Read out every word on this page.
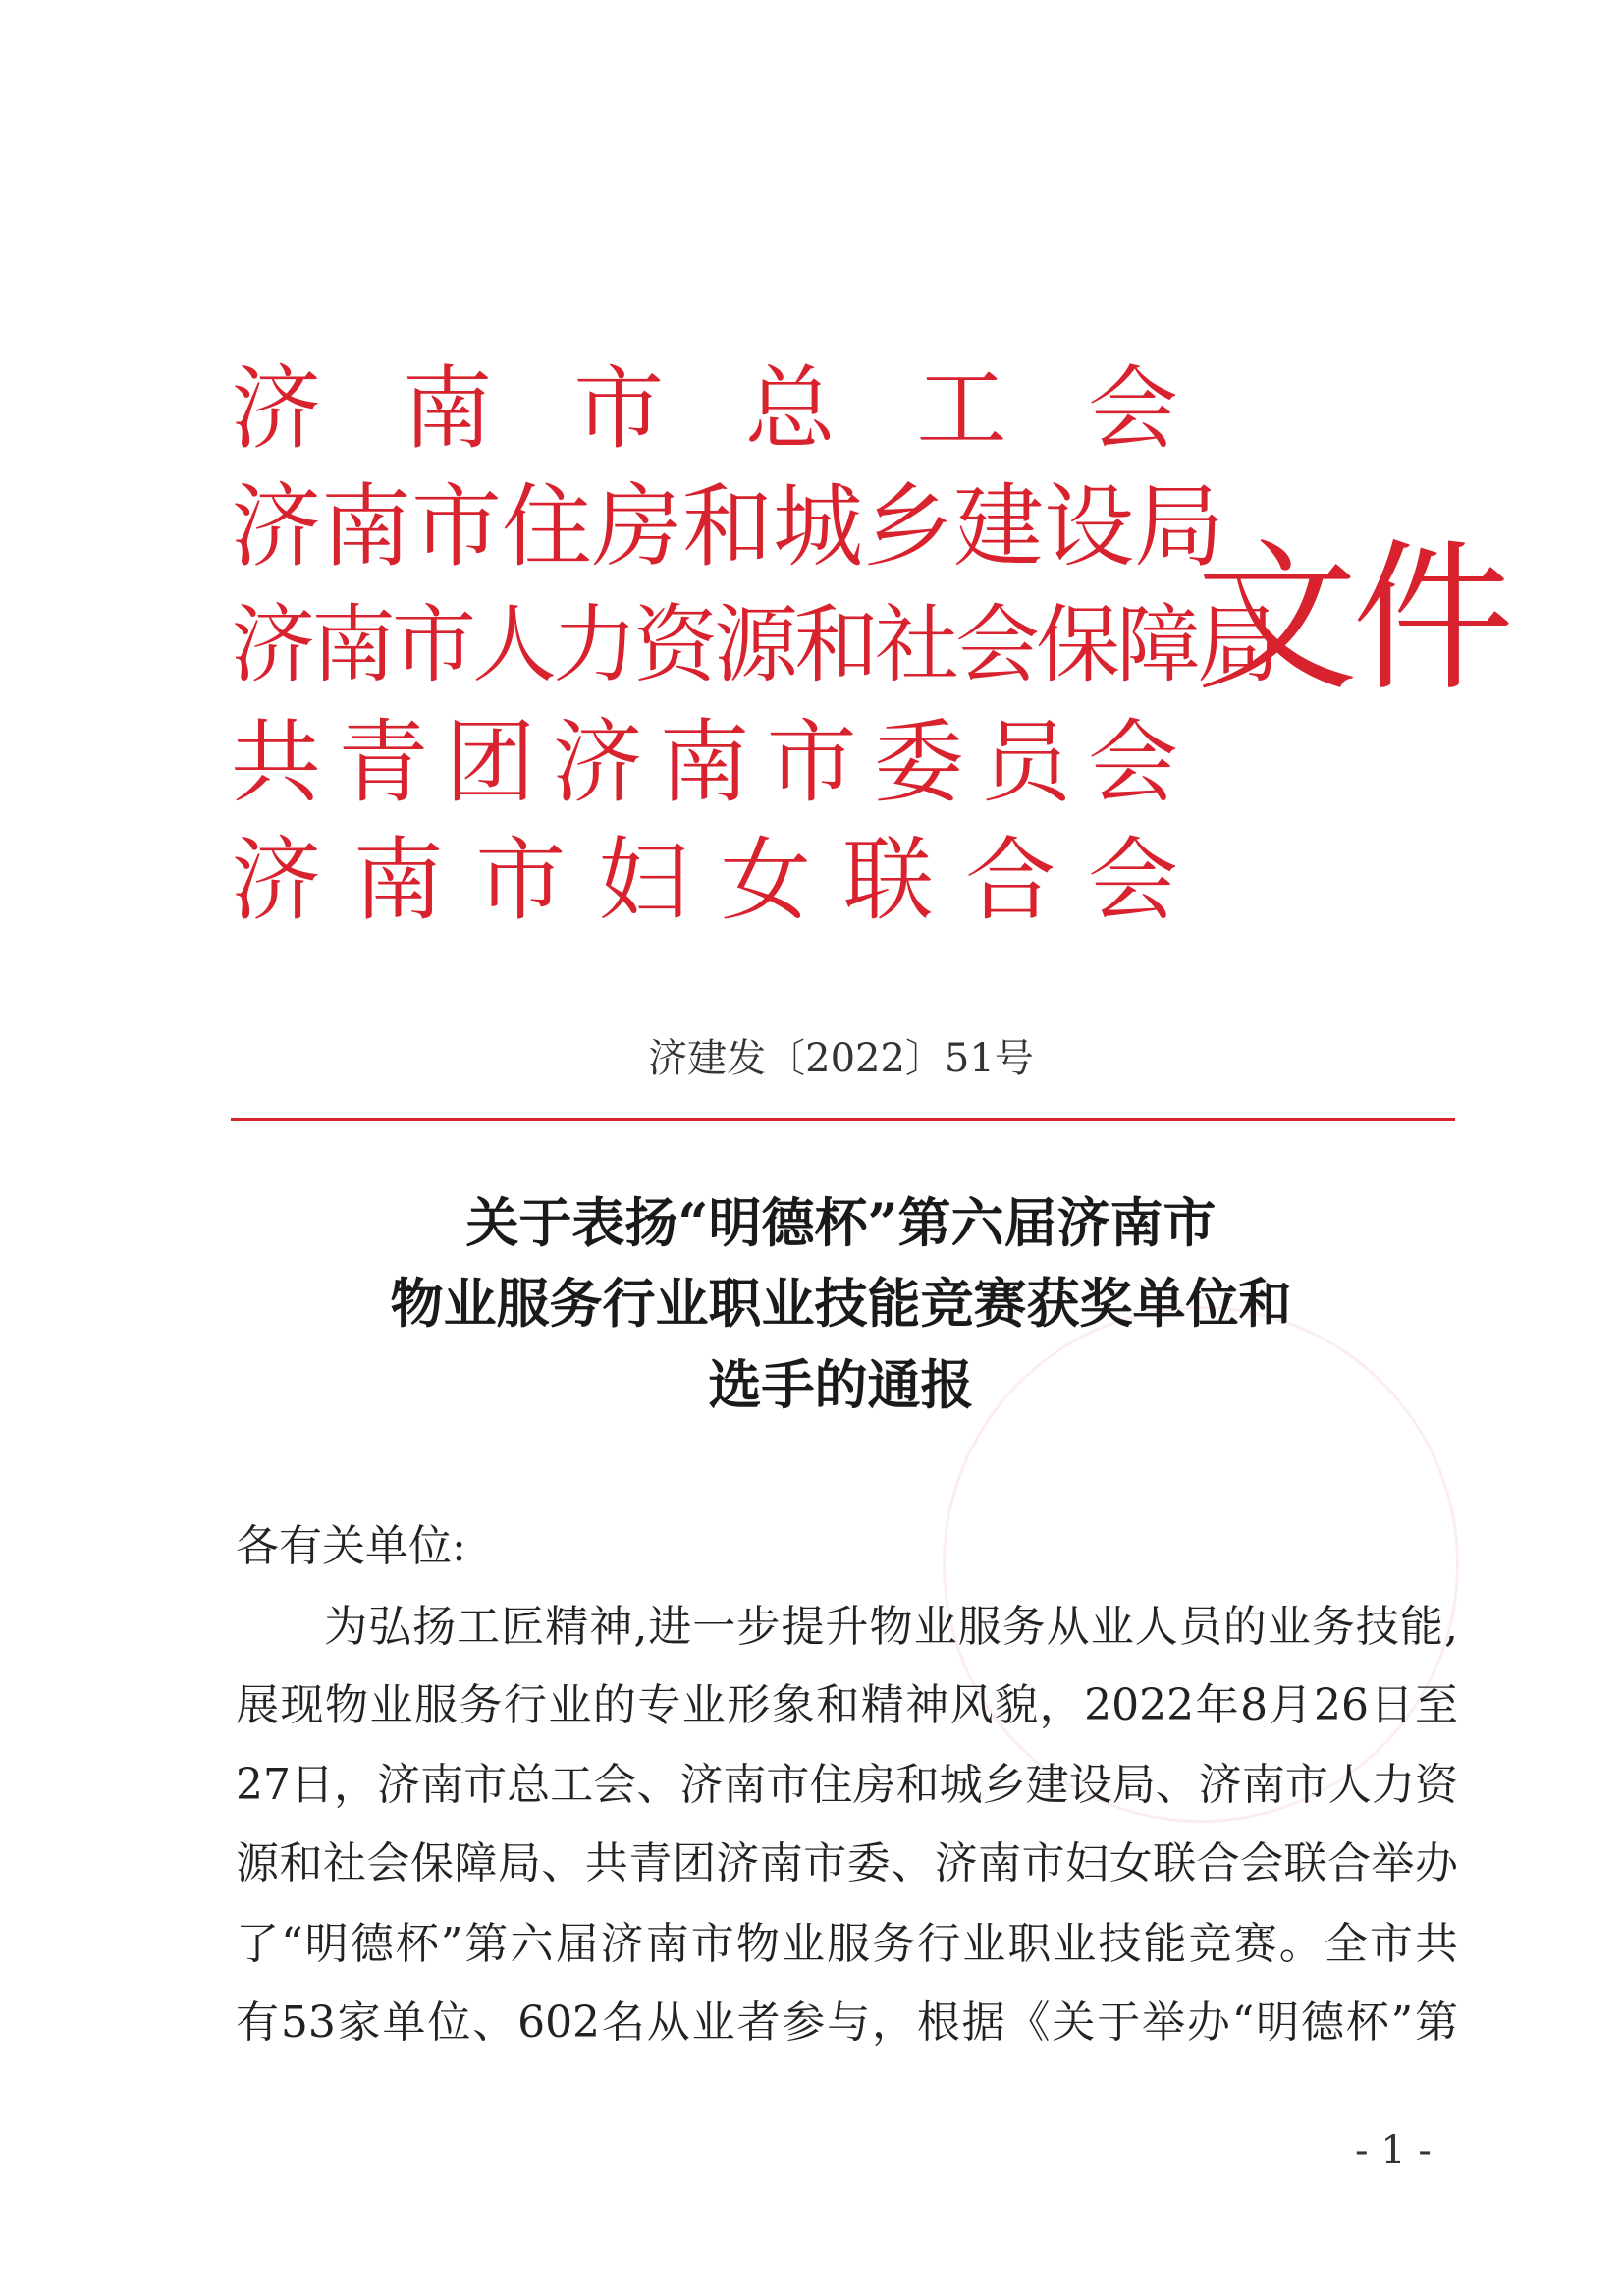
济南市总工会
济南市住房和城乡建设局
济南市人力资源和社会保障局
共青团济南市委员会
济南市妇女联合会
文件
济建发〔2022〕51号
关于表扬“明德杯”第六届济南市
物业服务行业职业技能竞赛获奖单位和
选手的通报
各有关单位:
　　为弘扬工匠精神,进一步提升物业服务从业人员的业务技能,
展现物业服务行业的专业形象和精神风貌，2022年8月26日至
27日，济南市总工会、济南市住房和城乡建设局、济南市人力资
源和社会保障局、共青团济南市委、济南市妇女联合会联合举办
了“明德杯”第六届济南市物业服务行业职业技能竞赛。全市共
有53家单位、602名从业者参与，根据《关于举办“明德杯”第
- 1 -
